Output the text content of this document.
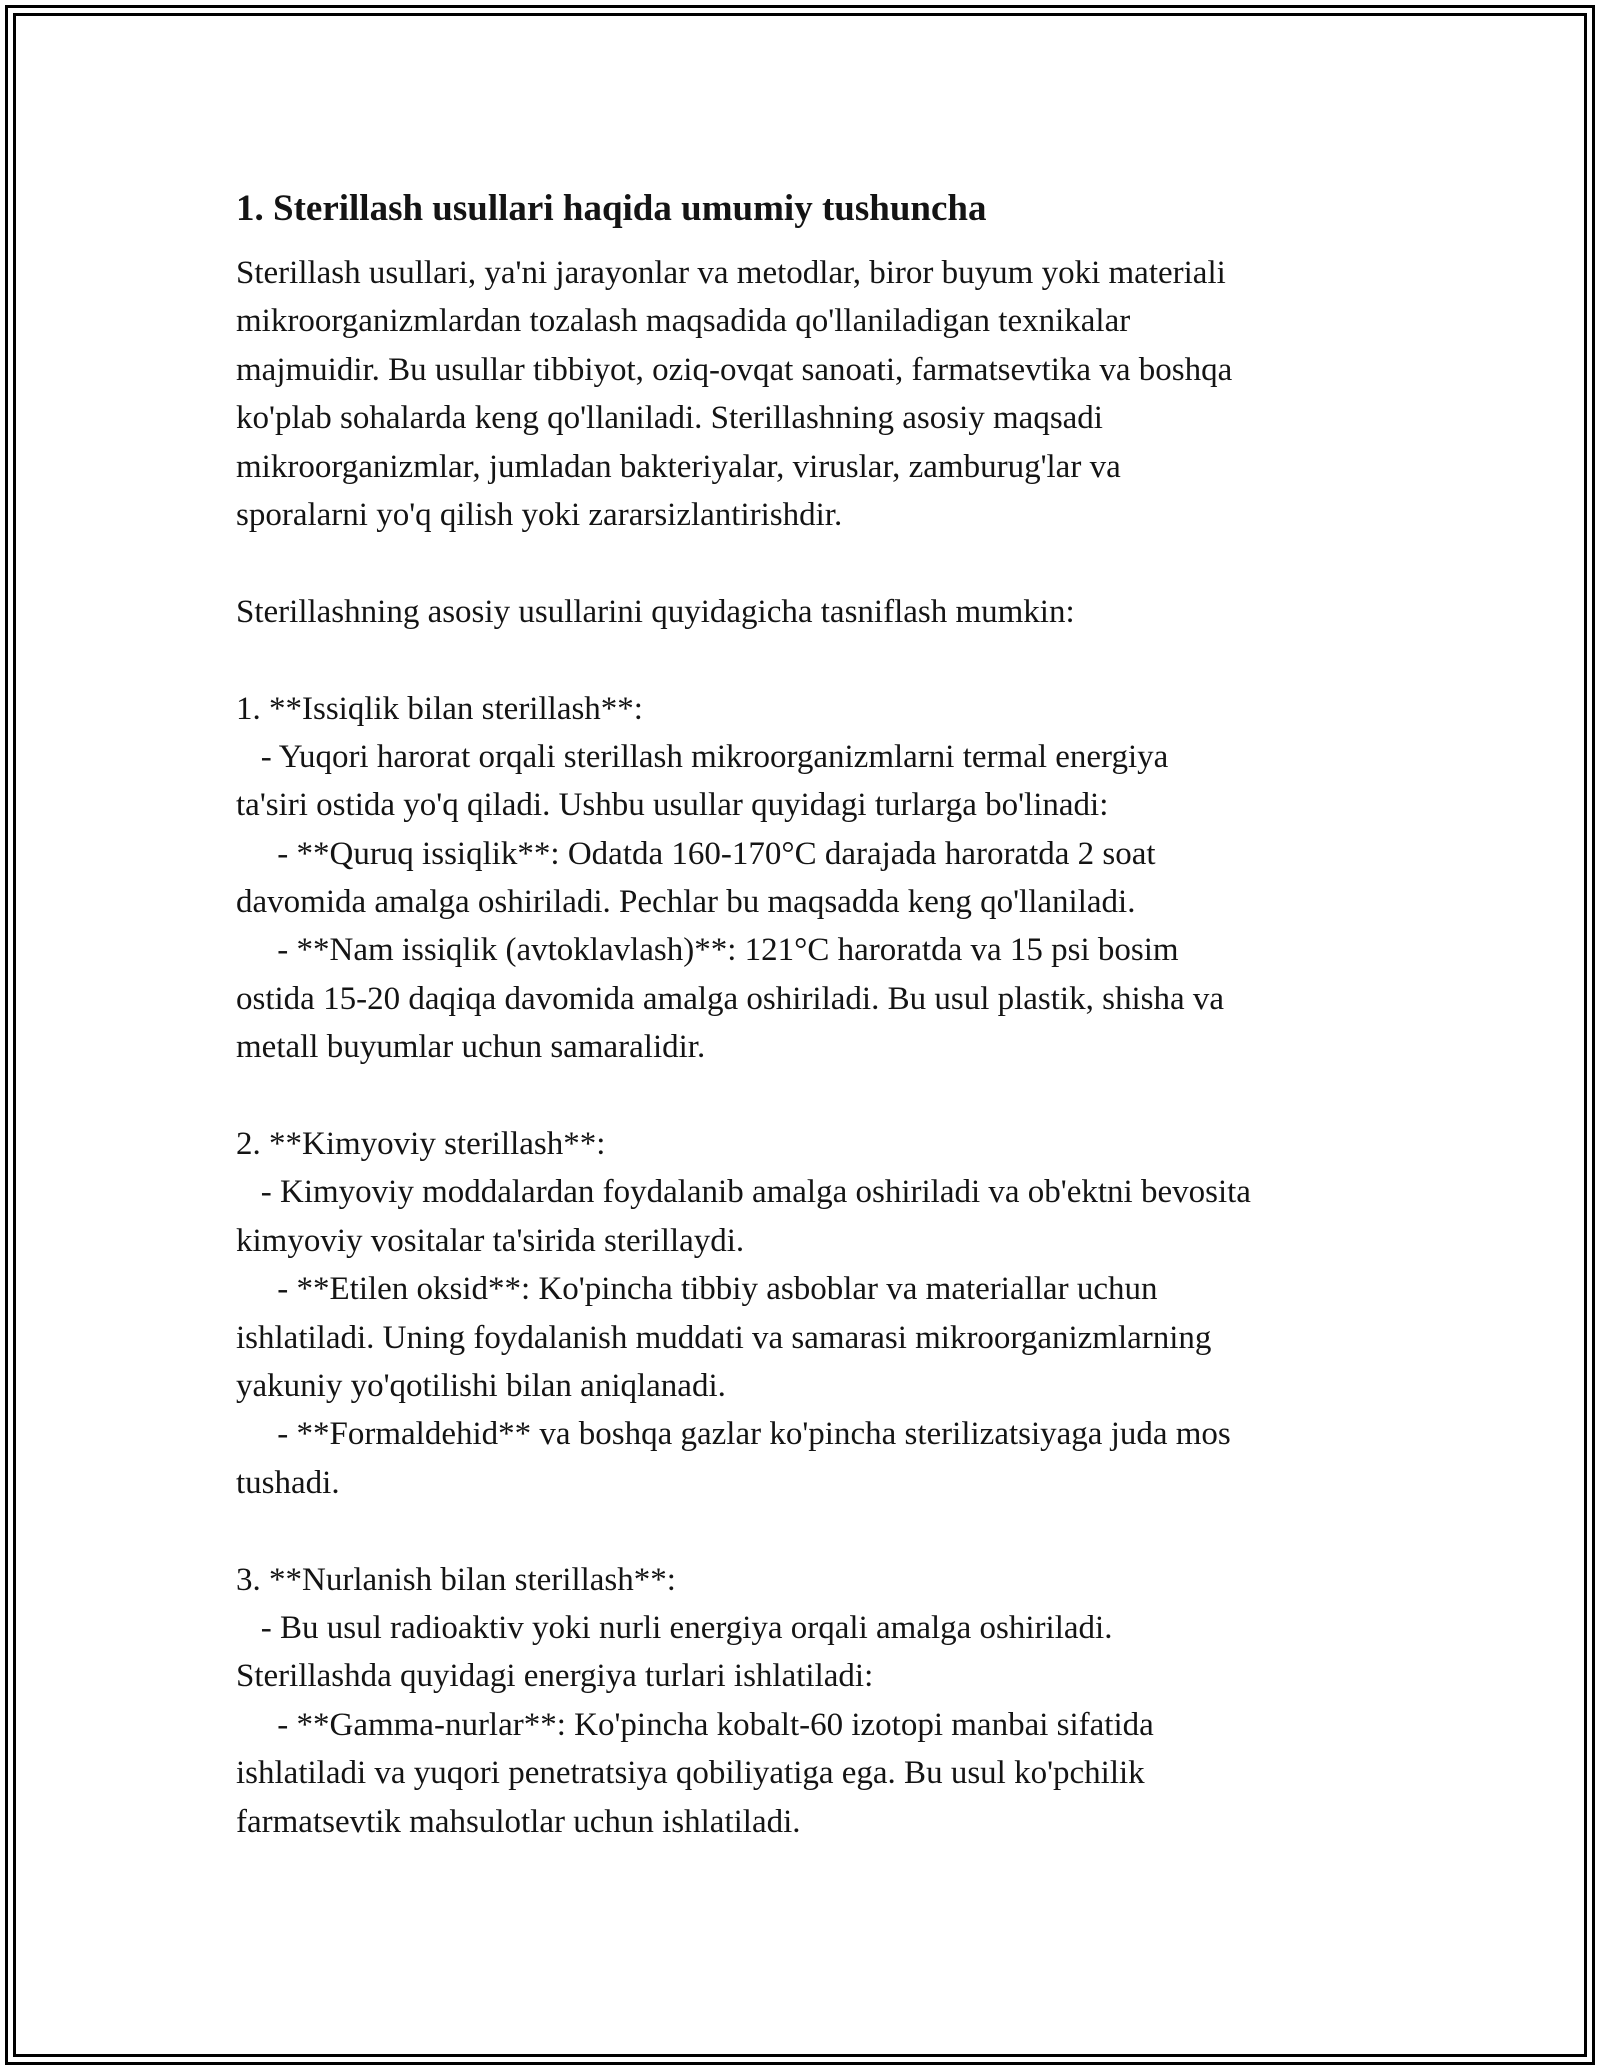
1. Sterillash usullari haqida umumiy tushuncha
Sterillash usullari, ya'ni jarayonlar va metodlar, biror buyum yoki materiali
mikroorganizmlardan tozalash maqsadida qo'llaniladigan texnikalar
majmuidir. Bu usullar tibbiyot, oziq-ovqat sanoati, farmatsevtika va boshqa
ko'plab sohalarda keng qo'llaniladi. Sterillashning asosiy maqsadi
mikroorganizmlar, jumladan bakteriyalar, viruslar, zamburug'lar va
sporalarni yo'q qilish yoki zararsizlantirishdir.
Sterillashning asosiy usullarini quyidagicha tasniflash mumkin:
1. **Issiqlik bilan sterillash**:
- Yuqori harorat orqali sterillash mikroorganizmlarni termal energiya
ta'siri ostida yo'q qiladi. Ushbu usullar quyidagi turlarga bo'linadi:
- **Quruq issiqlik**: Odatda 160-170°C darajada haroratda 2 soat
davomida amalga oshiriladi. Pechlar bu maqsadda keng qo'llaniladi.
- **Nam issiqlik (avtoklavlash)**: 121°C haroratda va 15 psi bosim
ostida 15-20 daqiqa davomida amalga oshiriladi. Bu usul plastik, shisha va
metall buyumlar uchun samaralidir.
2. **Kimyoviy sterillash**:
- Kimyoviy moddalardan foydalanib amalga oshiriladi va ob'ektni bevosita
kimyoviy vositalar ta'sirida sterillaydi.
- **Etilen oksid**: Ko'pincha tibbiy asboblar va materiallar uchun
ishlatiladi. Uning foydalanish muddati va samarasi mikroorganizmlarning
yakuniy yo'qotilishi bilan aniqlanadi.
- **Formaldehid** va boshqa gazlar ko'pincha sterilizatsiyaga juda mos
tushadi.
3. **Nurlanish bilan sterillash**:
- Bu usul radioaktiv yoki nurli energiya orqali amalga oshiriladi.
Sterillashda quyidagi energiya turlari ishlatiladi:
- **Gamma-nurlar**: Ko'pincha kobalt-60 izotopi manbai sifatida
ishlatiladi va yuqori penetratsiya qobiliyatiga ega. Bu usul ko'pchilik
farmatsevtik mahsulotlar uchun ishlatiladi.
